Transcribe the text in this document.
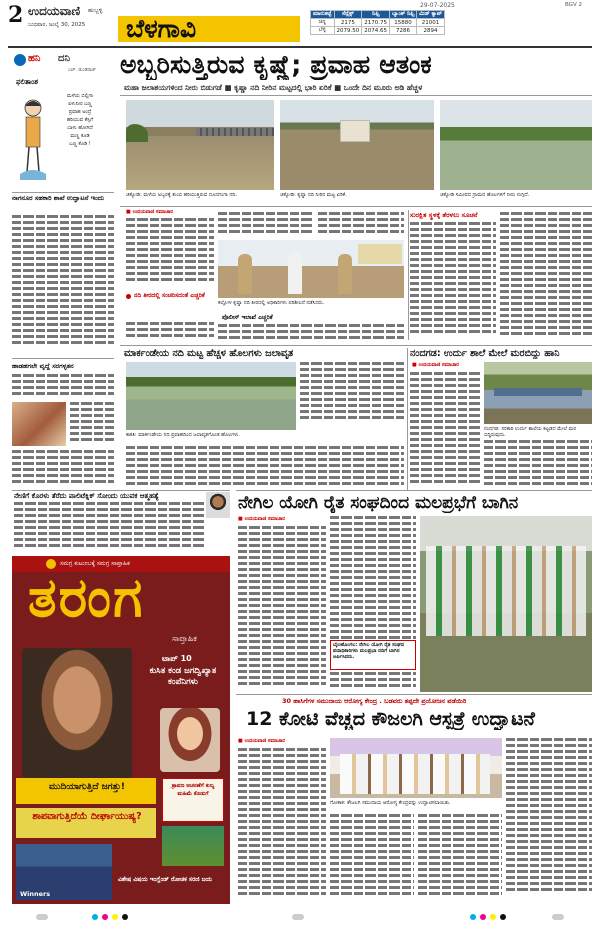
2 ಉದಯವಾಣಿ ಹುಬ್ಬಳ್ಳಿ
ಬುಧವಾರ, ಜುಲೈ 30, 2025 ಬೆಳಗಾವಿ
29-07-2025	BGV 2
ಮಾರುಕಟ್ಟೆ	ಸೆನ್ಸೆಕ್ಸ್	ನಿಫ್ಟಿ	ಬ್ಯಾಂಕ್ ನಿಫ್ಟಿ	ಮಿಡ್ ಕ್ಯಾಪ್
ಚಿನ್ನ	2175	2170.75	15880	21001
ಬೆಳ್ಳಿ	2079.50	2074.65	7286	2894
ಹನಿ ದನಿ
ಎಚ್. ಡುಂಡಿರಾಜ್
ಫಲಿತಾಂಶ
ಮಳೆಯ ಬಿಲ್ಲಿಗಾ
ಏಳುನೀರ ಬಣ್ಣ
ಪ್ರವಾಹ ಅಂದ್ರೆ
ಹರಿಯುವ ಕೆಸ್ಸಿಗೆ
ಬಾಳು ಹೋಗಿದೆ
ಮಣ್ಣ ಕೂಡಿ
ಬಣ್ಣ ಕೊಡಿ !
ನಾಗನೂರ ಸಹಕಾರಿ ಶಾಖೆ ಉದ್ಘಾಟನೆ ಇಂದು
ಹಾಡಹಗಲೇ ವೃದ್ದೆ ಸರಗಳ್ಳತನ
ಅಬ್ಬರಿಸುತ್ತಿರುವ ಕೃಷ್ಣೆ; ಪ್ರವಾಹ ಆತಂಕ
ಮಹಾ ಜಲಾಶಯಗಳಿಂದ ನೀರು ಬಿಡುಗಡೆ ■ ಕೃಷ್ಣಾ ನದಿ ನೀರಿನ ಮಟ್ಟದಲ್ಲಿ ಭಾರಿ ಏರಿಕೆ ■ ಒಂದೇ ದಿನ ಮೂರು ಅಡಿ ಹೆಚ್ಚಳ
ಚಿಕ್ಕೋಡಿ: ಮಳೆಯ ಅಬ್ಬರಕ್ಕೆ ತುಂಬಿ ಹರಿಯುತ್ತಿರುವ ದೂದಗಂಗಾ ನದಿ.	ಚಿಕ್ಕೋಡಿ: ಕೃಷ್ಣಾ ನದಿ ನೀರಿನ ಮಟ್ಟ ಏರಿಕೆ.	ಚಿಕ್ಕೋಡಿ ಸಮೀಪದ ಗ್ರಾಮದ ಹೊಲಗಳಿಗೆ ನೀರು ನುಗ್ಗಿದೆ.
■ ಉದಯವಾಣಿ ಸಮಾಚಾರ
ಕಲ್ಲೋಳ ಕೃಷ್ಣಾ ನದಿ ತೀರದಲ್ಲಿ ಅಧಿಕಾರಿಗಳು ಪರಿಶೀಲನೆ ನಡೆಸಿದರು.
ನದಿ ತೀರದಲ್ಲಿ ಸಂಚರಿಸದಂತೆ ಎಚ್ಚರಿಕೆ
ಪೊಲೀಸ್ ಇಲಾಖೆ ಎಚ್ಚರಿಕೆ
ಸುರಕ್ಷಿತ ಸ್ಥಳಕ್ಕೆ ತೆರಳಲು ಸೂಚನೆ
ಮಾರ್ಕಂಡೇಯ ನದಿ ಮಟ್ಟ ಹೆಚ್ಚಳ ಹೊಲಗಳು ಜಲಾವೃತ
ಕಾಕತಿ: ಮಾರ್ಕಂಡೇಯ ನದಿ ಪ್ರವಾಹದಿಂದ ಜಲಾವೃತಗೊಂಡ ಹೊಲಗಳು.
ನಂದಗಡ: ಉರ್ದು ಶಾಲೆ ಮೇಲೆ ಮರಬಿದ್ದು ಹಾನಿ
■ ಉದಯವಾಣಿ ಸಮಾಚಾರ
ನಂದಗಡ: ಸರಕಾರಿ ಉರ್ದು ಶಾಲೆಯ ಕಟ್ಟಡದ ಮೇಲೆ ಮರ ಬಿದ್ದಿರುವುದು.
ನೇಣಿಗೆ ಕೊರಳು ತೆರೆದು ಪಾಲಿಟೆಕ್ನಿಕ್ ಸೋಂದು ಯುವಕ ಆತ್ಮಹತ್ಯೆ
ಸಮಗ್ರ ಕುಟುಂಬಕ್ಕೆ ಸಮಗ್ರ ಸಾಪ್ತಾಹಿಕ
ತರಂಗ
ಸಾಪ್ತಾಹಿಕ
ಟಾಪ್ 10
ಕುಸಿತ ಕಂಡ ಜಗದ್ವಿಖ್ಯಾತ ಕಂಪೆನಿಗಳು
ಮುದಿಯಾಗುತ್ತಿದೆ ಜಗತ್ತು!
ಶಾಪವಾಗುತ್ತಿದೆಯೆ ದೀರ್ಘಾಯುಷ್ಯ?
ಶ್ರಾವಣ ಆಚರಣೆಗೆ ಕುಲ್ಯ ಮಹಿಮೆ ಕೊಡುಗೆ
Winners
ವಿಶೇಷ ವಿಷಯ ಇಂಗ್ಲೆಂಡ್ ರೋಚಕ ಸರಣಿ ಜಯ
ನೇಗಿಲ ಯೋಗಿ ರೈತ ಸಂಘದಿಂದ ಮಲಪ್ರಭೆಗೆ ಬಾಗಿನ
■ ಉದಯವಾಣಿ ಸಮಾಚಾರ
ಬೈಲಹೊಂಗಲ: ನೇಗಿಲ ಯೋಗಿ ರೈತ ಸಂಘದ ಪದಾಧಿಕಾರಿಗಳು ಮಲಪ್ರಭಾ ನದಿಗೆ ಬಾಗಿನ ಅರ್ಪಿಸಿದರು.
30 ಹಾಸಿಗೆಗಳ ಸಮುದಾಯ ಆರೋಗ್ಯ ಕೇಂದ್ರ . ಬಡವರು ತಪ್ಪದೇ ಪ್ರಯೋಜನ ಪಡೆಯಿರಿ
12 ಕೋಟಿ ವೆಚ್ಚದ ಕೌಜಲಗಿ ಆಸ್ಪತ್ರೆ ಉದ್ಘಾಟನೆ
■ ಉದಯವಾಣಿ ಸಮಾಚಾರ
ಗೋಕಾಕ: ಕೌಜಲಗಿ ಸಮುದಾಯ ಆರೋಗ್ಯ ಕೇಂದ್ರವನ್ನು ಉದ್ಘಾಟಿಸಲಾಯಿತು.
